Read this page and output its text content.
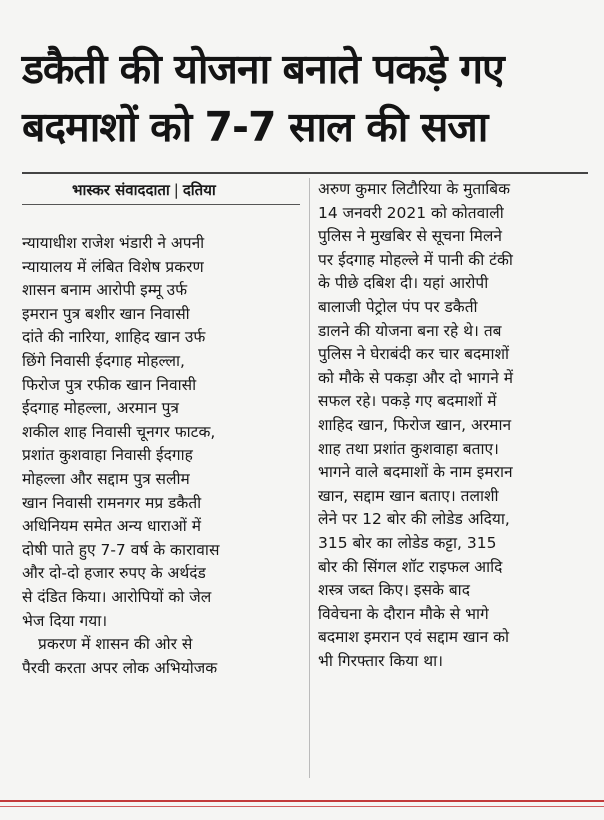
डकैती की योजना बनाते पकड़े गए
बदमाशों को 7-7 साल की सजा
भास्कर संवाददाता | दतिया
न्यायाधीश राजेश भंडारी ने अपनी
न्यायालय में लंबित विशेष प्रकरण
शासन बनाम आरोपी इम्मू उर्फ
इमरान पुत्र बशीर खान निवासी
दांते की नारिया, शाहिद खान उर्फ
छिंगे निवासी ईदगाह मोहल्ला,
फिरोज पुत्र रफीक खान निवासी
ईदगाह मोहल्ला, अरमान पुत्र
शकील शाह निवासी चूनगर फाटक,
प्रशांत कुशवाहा निवासी ईदगाह
मोहल्ला और सद्दाम पुत्र सलीम
खान निवासी रामनगर मप्र डकैती
अधिनियम समेत अन्य धाराओं में
दोषी पाते हुए 7-7 वर्ष के कारावास
और दो-दो हजार रुपए के अर्थदंड
से दंडित किया। आरोपियों को जेल
भेज दिया गया।
प्रकरण में शासन की ओर से
पैरवी करता अपर लोक अभियोजक
अरुण कुमार लिटौरिया के मुताबिक
14 जनवरी 2021 को कोतवाली
पुलिस ने मुखबिर से सूचना मिलने
पर ईदगाह मोहल्ले में पानी की टंकी
के पीछे दबिश दी। यहां आरोपी
बालाजी पेट्रोल पंप पर डकैती
डालने की योजना बना रहे थे। तब
पुलिस ने घेराबंदी कर चार बदमाशों
को मौके से पकड़ा और दो भागने में
सफल रहे। पकड़े गए बदमाशों में
शाहिद खान, फिरोज खान, अरमान
शाह तथा प्रशांत कुशवाहा बताए।
भागने वाले बदमाशों के नाम इमरान
खान, सद्दाम खान बताए। तलाशी
लेने पर 12 बोर की लोडेड अदिया,
315 बोर का लोडेड कट्टा, 315
बोर की सिंगल शॉट राइफल आदि
शस्त्र जब्त किए। इसके बाद
विवेचना के दौरान मौके से भागे
बदमाश इमरान एवं सद्दाम खान को
भी गिरफ्तार किया था।
